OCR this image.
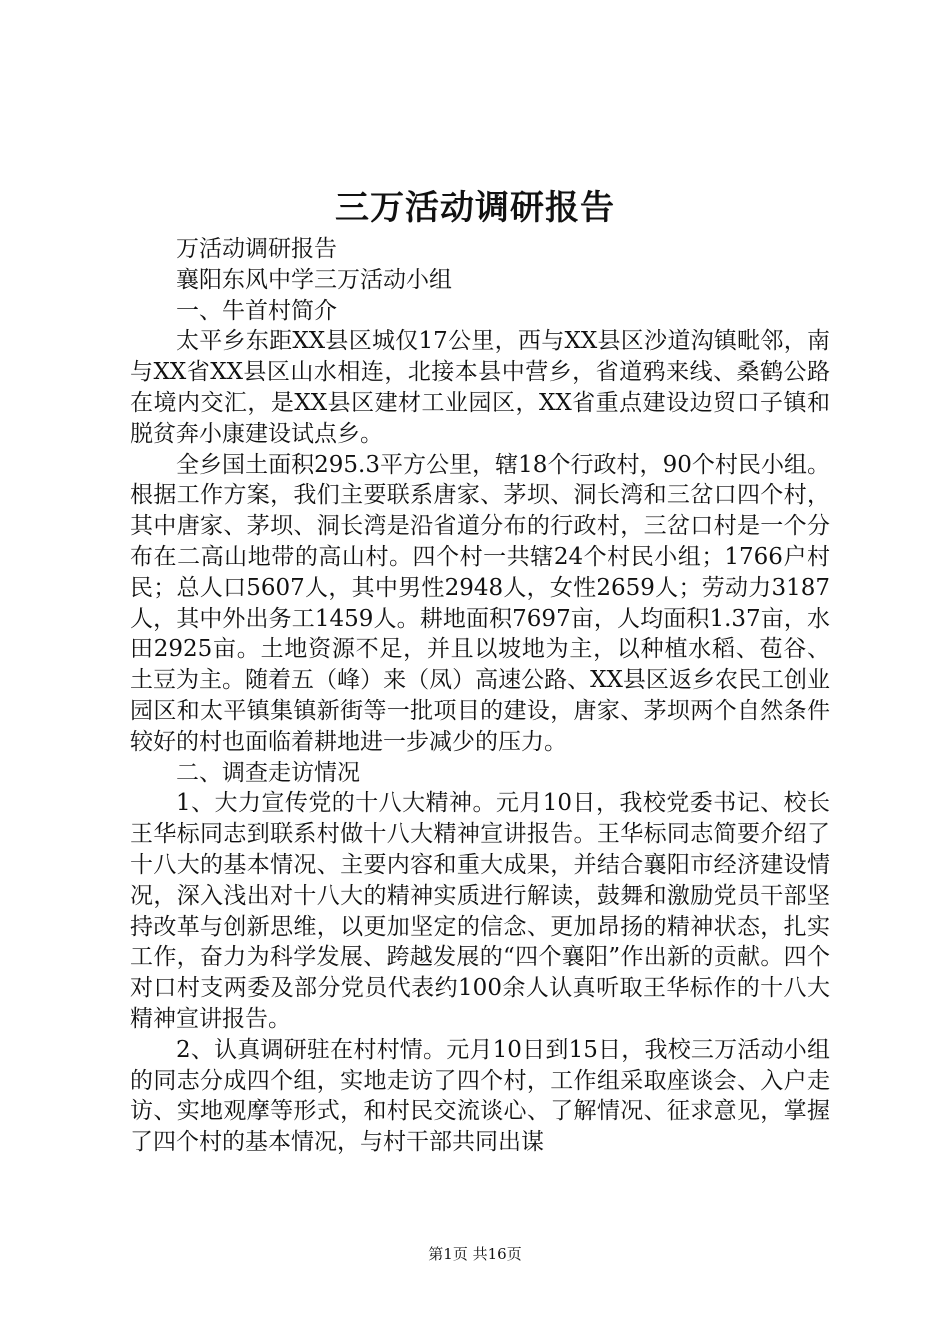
三万活动调研报告

万活动调研报告

襄阳东风中学三万活动小组

一、牛首村简介

太平乡东距XX县区城仅17公里，西与XX县区沙道沟镇毗邻，南与XX省XX县区山水相连，北接本县中营乡，省道鸦来线、桑鹤公路在境内交汇，是XX县区建材工业园区，XX省重点建设边贸口子镇和脱贫奔小康建设试点乡。

全乡国土面积295.3平方公里，辖18个行政村，90个村民小组。根据工作方案，我们主要联系唐家、茅坝、洞长湾和三岔口四个村，其中唐家、茅坝、洞长湾是沿省道分布的行政村，三岔口村是一个分布在二高山地带的高山村。四个村一共辖24个村民小组；1766户村民；总人口5607人，其中男性2948人，女性2659人；劳动力3187人，其中外出务工1459人。耕地面积7697亩，人均面积1.37亩，水田2925亩。土地资源不足，并且以坡地为主，以种植水稻、苞谷、土豆为主。随着五（峰）来（凤）高速公路、XX县区返乡农民工创业园区和太平镇集镇新街等一批项目的建设，唐家、茅坝两个自然条件较好的村也面临着耕地进一步减少的压力。

二、调查走访情况

1、大力宣传党的十八大精神。元月10日，我校党委书记、校长王华标同志到联系村做十八大精神宣讲报告。王华标同志简要介绍了十八大的基本情况、主要内容和重大成果，并结合襄阳市经济建设情况，深入浅出对十八大的精神实质进行解读，鼓舞和激励党员干部坚持改革与创新思维，以更加坚定的信念、更加昂扬的精神状态，扎实工作，奋力为科学发展、跨越发展的“四个襄阳”作出新的贡献。四个对口村支两委及部分党员代表约100余人认真听取王华标作的十八大精神宣讲报告。

2、认真调研驻在村村情。元月10日到15日，我校三万活动小组的同志分成四个组，实地走访了四个村，工作组采取座谈会、入户走访、实地观摩等形式，和村民交流谈心、了解情况、征求意见，掌握了四个村的基本情况，与村干部共同出谋

第1页 共16页
